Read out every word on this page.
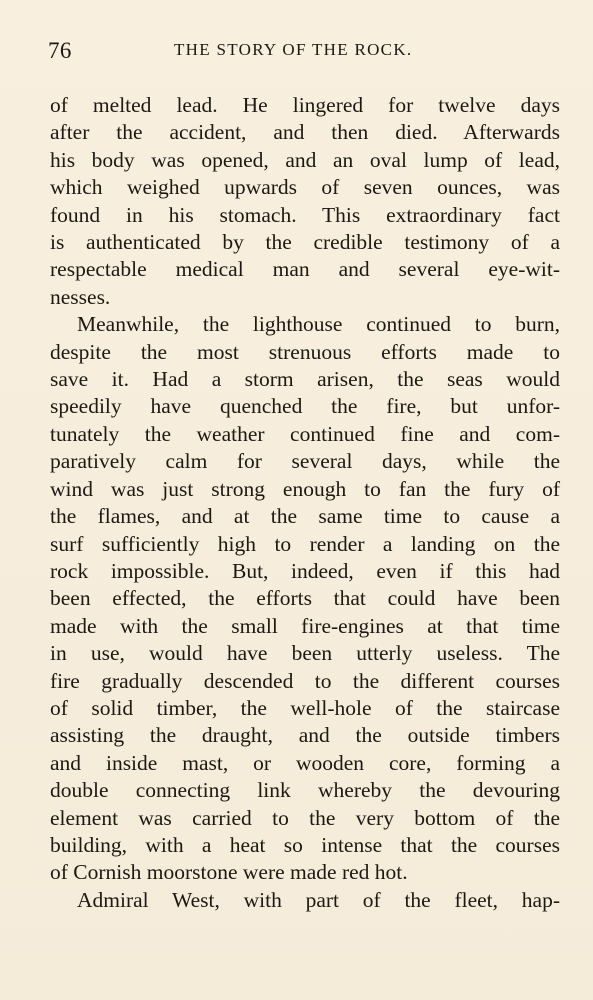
76	THE STORY OF THE ROCK.
of melted lead. He lingered for twelve days
after the accident, and then died. Afterwards
his body was opened, and an oval lump of lead,
which weighed upwards of seven ounces, was
found in his stomach. This extraordinary fact
is authenticated by the credible testimony of a
respectable medical man and several eye-wit-
nesses.
Meanwhile, the lighthouse continued to burn,
despite the most strenuous efforts made to
save it. Had a storm arisen, the seas would
speedily have quenched the fire, but unfor-
tunately the weather continued fine and com-
paratively calm for several days, while the
wind was just strong enough to fan the fury of
the flames, and at the same time to cause a
surf sufficiently high to render a landing on the
rock impossible. But, indeed, even if this had
been effected, the efforts that could have been
made with the small fire-engines at that time
in use, would have been utterly useless. The
fire gradually descended to the different courses
of solid timber, the well-hole of the staircase
assisting the draught, and the outside timbers
and inside mast, or wooden core, forming a
double connecting link whereby the devouring
element was carried to the very bottom of the
building, with a heat so intense that the courses
of Cornish moorstone were made red hot.
Admiral West, with part of the fleet, hap-
